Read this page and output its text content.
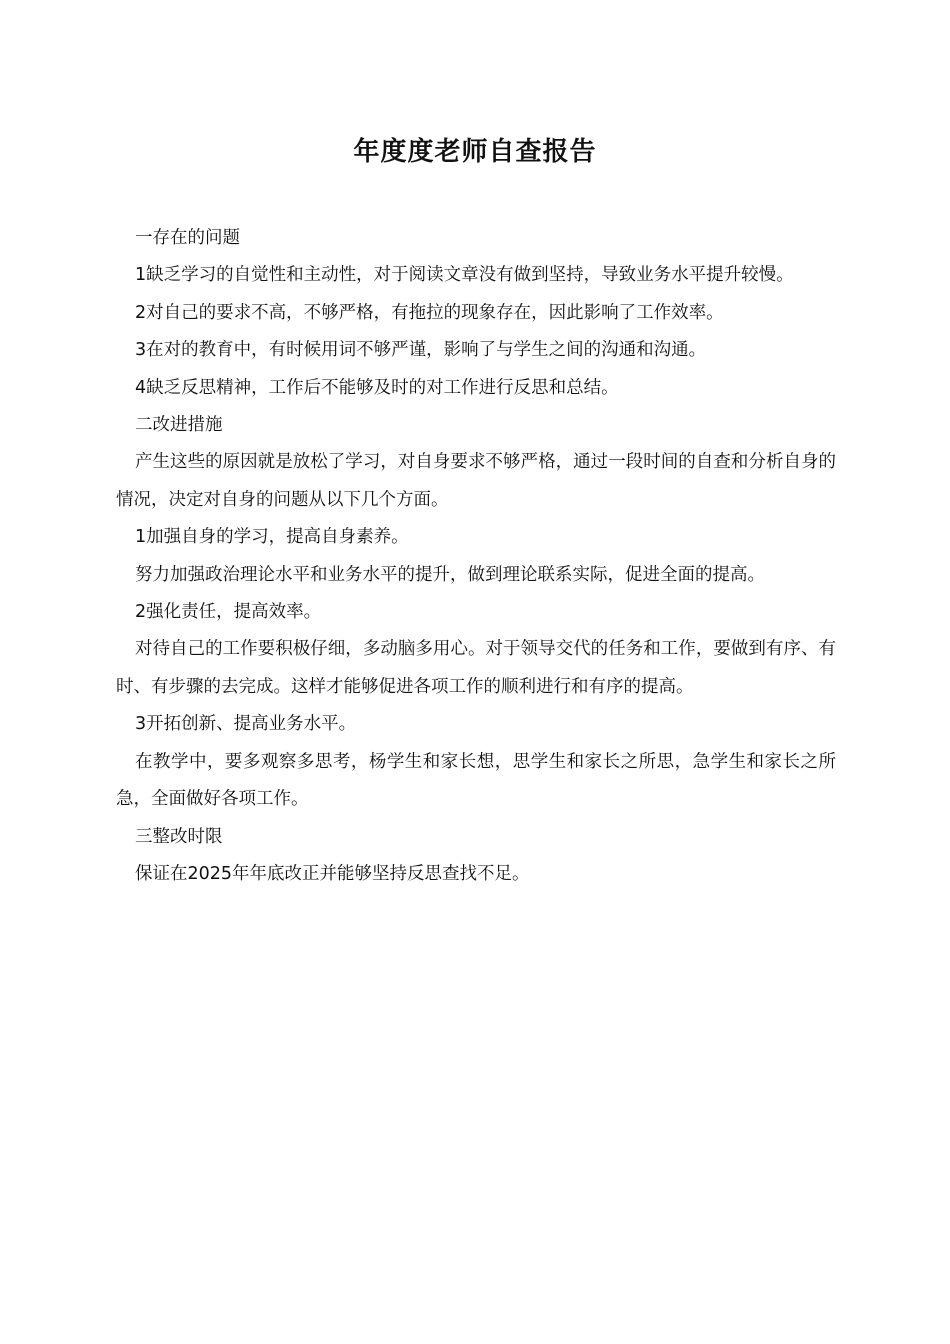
年度度老师自查报告

一存在的问题

1缺乏学习的自觉性和主动性，对于阅读文章没有做到坚持，导致业务水平提升较慢。

2对自己的要求不高，不够严格，有拖拉的现象存在，因此影响了工作效率。

3在对的教育中，有时候用词不够严谨，影响了与学生之间的沟通和沟通。

4缺乏反思精神，工作后不能够及时的对工作进行反思和总结。

二改进措施

产生这些的原因就是放松了学习，对自身要求不够严格，通过一段时间的自查和分析自身的情况，决定对自身的问题从以下几个方面。

1加强自身的学习，提高自身素养。

努力加强政治理论水平和业务水平的提升，做到理论联系实际，促进全面的提高。

2强化责任，提高效率。

对待自己的工作要积极仔细，多动脑多用心。对于领导交代的任务和工作，要做到有序、有时、有步骤的去完成。这样才能够促进各项工作的顺利进行和有序的提高。

3开拓创新、提高业务水平。

在教学中，要多观察多思考，杨学生和家长想，思学生和家长之所思，急学生和家长之所急，全面做好各项工作。

三整改时限

保证在2025年年底改正并能够坚持反思查找不足。
